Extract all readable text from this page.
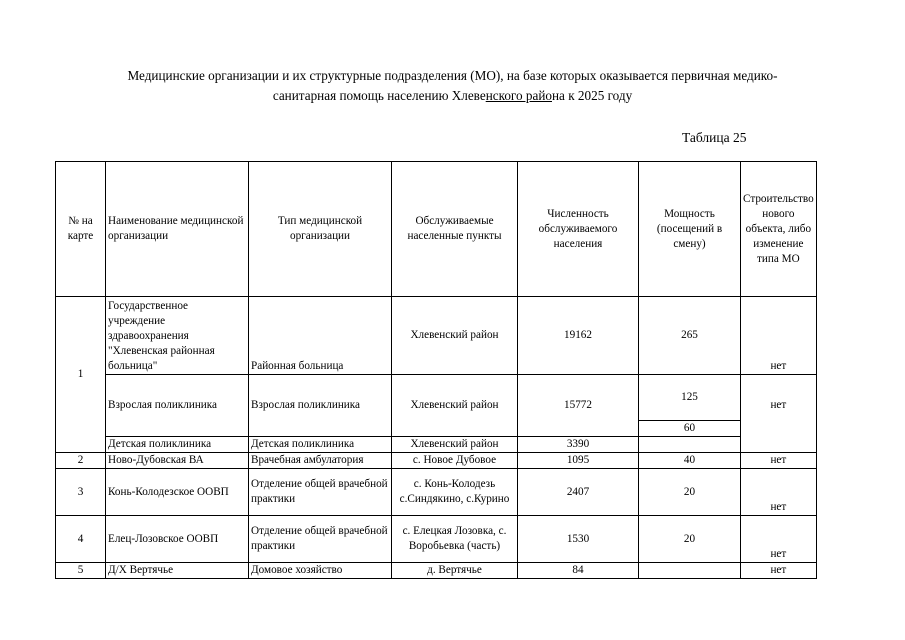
Медицинские организации и их структурные подразделения (МО), на базе которых оказывается первичная медико-
санитарная помощь населению Хлевенского района к 2025 году
Таблица 25
№ на карте	Наименование медицинской организации	Тип медицинской организации	Обслуживаемые населенные пункты	Численность обслуживаемого населения	Мощность (посещений в смену)	Строительство нового объекта, либо изменение типа МО
1	Государственное учреждение здравоохранения "Хлевенская районная больница"	Районная больница	Хлевенский район	19162	265	нет
	Взрослая поликлиника	Взрослая поликлиника	Хлевенский район	15772	125	нет
					60	
	Детская поликлиника	Детская поликлиника	Хлевенский район	3390		
2	Ново-Дубовская ВА	Врачебная амбулатория	с. Новое Дубовое	1095	40	нет
3	Конь-Колодезское ООВП	Отделение общей врачебной практики	с. Конь-Колодезь с.Синдякино, с.Курино	2407	20	нет
4	Елец-Лозовское ООВП	Отделение общей врачебной практики	с. Елецкая Лозовка, с. Воробьевка (часть)	1530	20	нет
5	Д/Х Вертячье	Домовое хозяйство	д. Вертячье	84		нет
